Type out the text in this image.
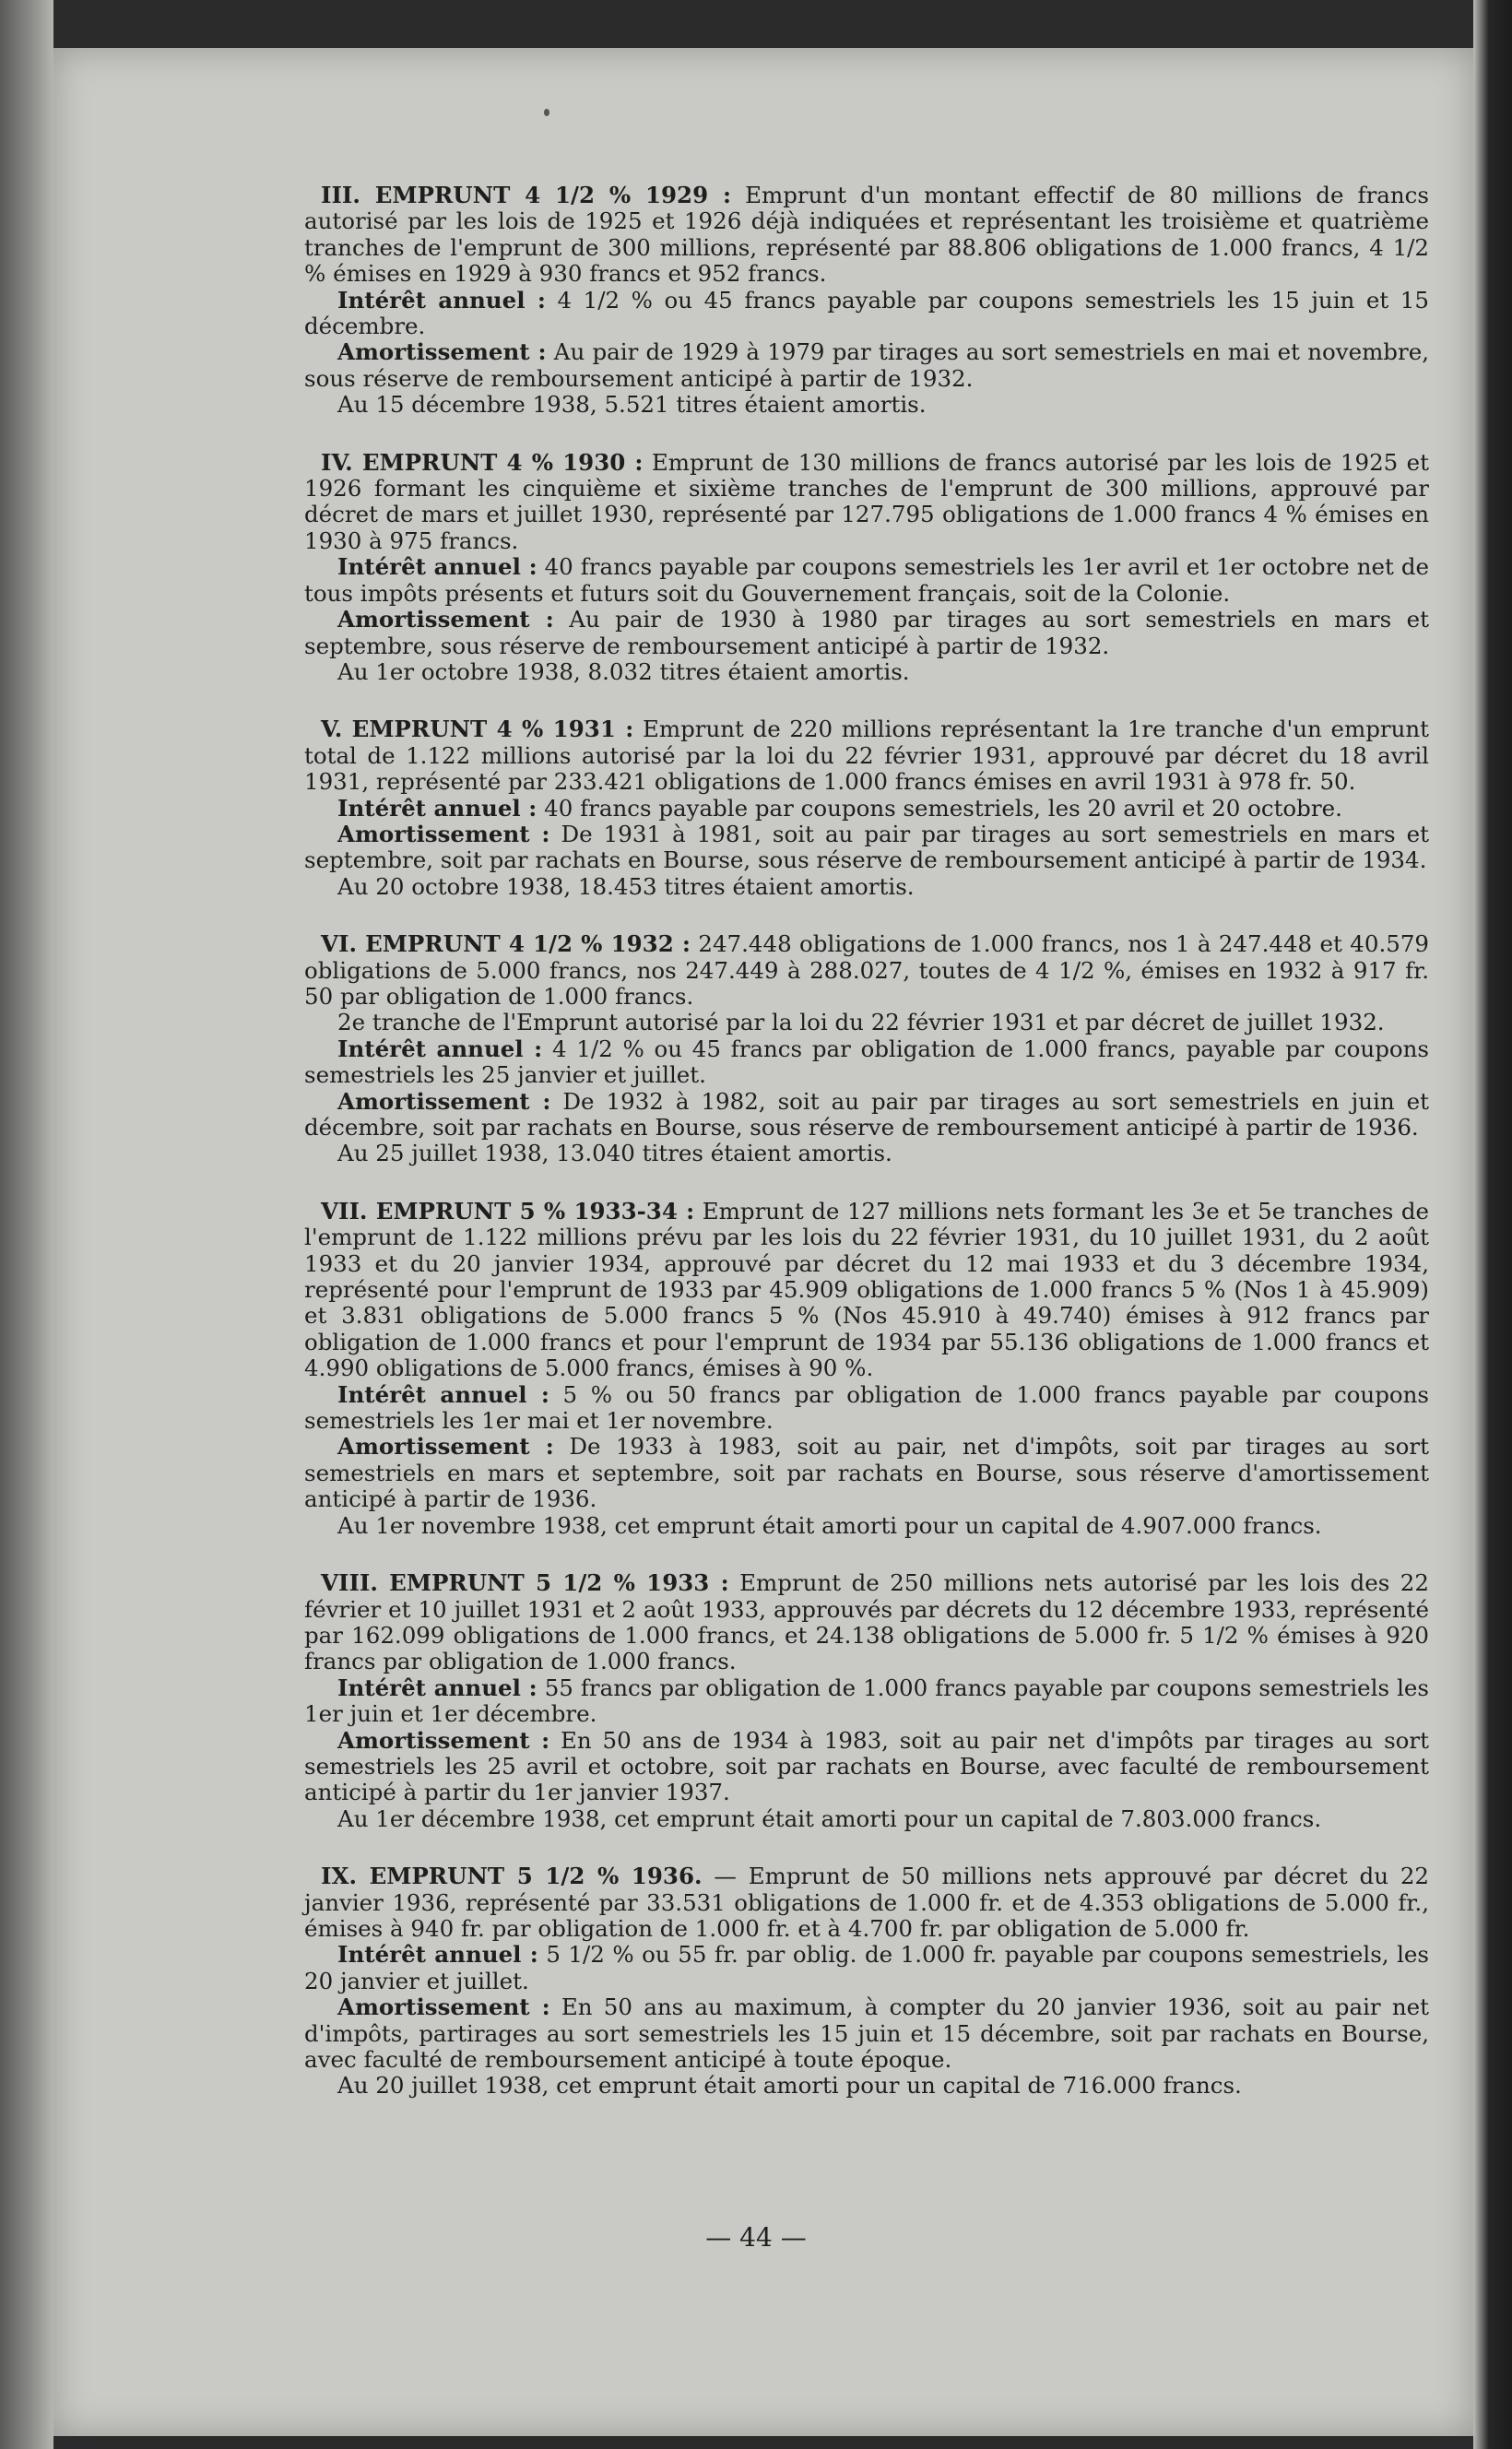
III. EMPRUNT 4 1/2 % 1929 : Emprunt d'un montant effectif de 80 millions de francs autorisé par les lois de 1925 et 1926 déjà indiquées et représentant les troisième et quatrième tranches de l'emprunt de 300 millions, représenté par 88.806 obligations de 1.000 francs, 4 1/2 % émises en 1929 à 930 francs et 952 francs.

Intérêt annuel : 4 1/2 % ou 45 francs payable par coupons semestriels les 15 juin et 15 décembre.

Amortissement : Au pair de 1929 à 1979 par tirages au sort semestriels en mai et novembre, sous réserve de remboursement anticipé à partir de 1932.

Au 15 décembre 1938, 5.521 titres étaient amortis.

IV. EMPRUNT 4 % 1930 : Emprunt de 130 millions de francs autorisé par les lois de 1925 et 1926 formant les cinquième et sixième tranches de l'emprunt de 300 millions, approuvé par décret de mars et juillet 1930, représenté par 127.795 obligations de 1.000 francs 4 % émises en 1930 à 975 francs.

Intérêt annuel : 40 francs payable par coupons semestriels les 1er avril et 1er octobre net de tous impôts présents et futurs soit du Gouvernement français, soit de la Colonie.

Amortissement : Au pair de 1930 à 1980 par tirages au sort semestriels en mars et septembre, sous réserve de remboursement anticipé à partir de 1932.

Au 1er octobre 1938, 8.032 titres étaient amortis.

V. EMPRUNT 4 % 1931 : Emprunt de 220 millions représentant la 1re tranche d'un emprunt total de 1.122 millions autorisé par la loi du 22 février 1931, approuvé par décret du 18 avril 1931, représenté par 233.421 obligations de 1.000 francs émises en avril 1931 à 978 fr. 50.

Intérêt annuel : 40 francs payable par coupons semestriels, les 20 avril et 20 octobre.

Amortissement : De 1931 à 1981, soit au pair par tirages au sort semestriels en mars et septembre, soit par rachats en Bourse, sous réserve de remboursement anticipé à partir de 1934.

Au 20 octobre 1938, 18.453 titres étaient amortis.

VI. EMPRUNT 4 1/2 % 1932 : 247.448 obligations de 1.000 francs, nos 1 à 247.448 et 40.579 obligations de 5.000 francs, nos 247.449 à 288.027, toutes de 4 1/2 %, émises en 1932 à 917 fr. 50 par obligation de 1.000 francs.

2e tranche de l'Emprunt autorisé par la loi du 22 février 1931 et par décret de juillet 1932.

Intérêt annuel : 4 1/2 % ou 45 francs par obligation de 1.000 francs, payable par coupons semestriels les 25 janvier et juillet.

Amortissement : De 1932 à 1982, soit au pair par tirages au sort semestriels en juin et décembre, soit par rachats en Bourse, sous réserve de remboursement anticipé à partir de 1936.

Au 25 juillet 1938, 13.040 titres étaient amortis.

VII. EMPRUNT 5 % 1933-34 : Emprunt de 127 millions nets formant les 3e et 5e tranches de l'emprunt de 1.122 millions prévu par les lois du 22 février 1931, du 10 juillet 1931, du 2 août 1933 et du 20 janvier 1934, approuvé par décret du 12 mai 1933 et du 3 décembre 1934, représenté pour l'emprunt de 1933 par 45.909 obligations de 1.000 francs 5 % (Nos 1 à 45.909) et 3.831 obligations de 5.000 francs 5 % (Nos 45.910 à 49.740) émises à 912 francs par obligation de 1.000 francs et pour l'emprunt de 1934 par 55.136 obligations de 1.000 francs et 4.990 obligations de 5.000 francs, émises à 90 %.

Intérêt annuel : 5 % ou 50 francs par obligation de 1.000 francs payable par coupons semestriels les 1er mai et 1er novembre.

Amortissement : De 1933 à 1983, soit au pair, net d'impôts, soit par tirages au sort semestriels en mars et septembre, soit par rachats en Bourse, sous réserve d'amortissement anticipé à partir de 1936.

Au 1er novembre 1938, cet emprunt était amorti pour un capital de 4.907.000 francs.

VIII. EMPRUNT 5 1/2 % 1933 : Emprunt de 250 millions nets autorisé par les lois des 22 février et 10 juillet 1931 et 2 août 1933, approuvés par décrets du 12 décembre 1933, représenté par 162.099 obligations de 1.000 francs, et 24.138 obligations de 5.000 fr. 5 1/2 % émises à 920 francs par obligation de 1.000 francs.

Intérêt annuel : 55 francs par obligation de 1.000 francs payable par coupons semestriels les 1er juin et 1er décembre.

Amortissement : En 50 ans de 1934 à 1983, soit au pair net d'impôts par tirages au sort semestriels les 25 avril et octobre, soit par rachats en Bourse, avec faculté de remboursement anticipé à partir du 1er janvier 1937.

Au 1er décembre 1938, cet emprunt était amorti pour un capital de 7.803.000 francs.

IX. EMPRUNT 5 1/2 % 1936. — Emprunt de 50 millions nets approuvé par décret du 22 janvier 1936, représenté par 33.531 obligations de 1.000 fr. et de 4.353 obligations de 5.000 fr., émises à 940 fr. par obligation de 1.000 fr. et à 4.700 fr. par obligation de 5.000 fr.

Intérêt annuel : 5 1/2 % ou 55 fr. par oblig. de 1.000 fr. payable par coupons semestriels, les 20 janvier et juillet.

Amortissement : En 50 ans au maximum, à compter du 20 janvier 1936, soit au pair net d'impôts, partirages au sort semestriels les 15 juin et 15 décembre, soit par rachats en Bourse, avec faculté de remboursement anticipé à toute époque.

Au 20 juillet 1938, cet emprunt était amorti pour un capital de 716.000 francs.

— 44 —
